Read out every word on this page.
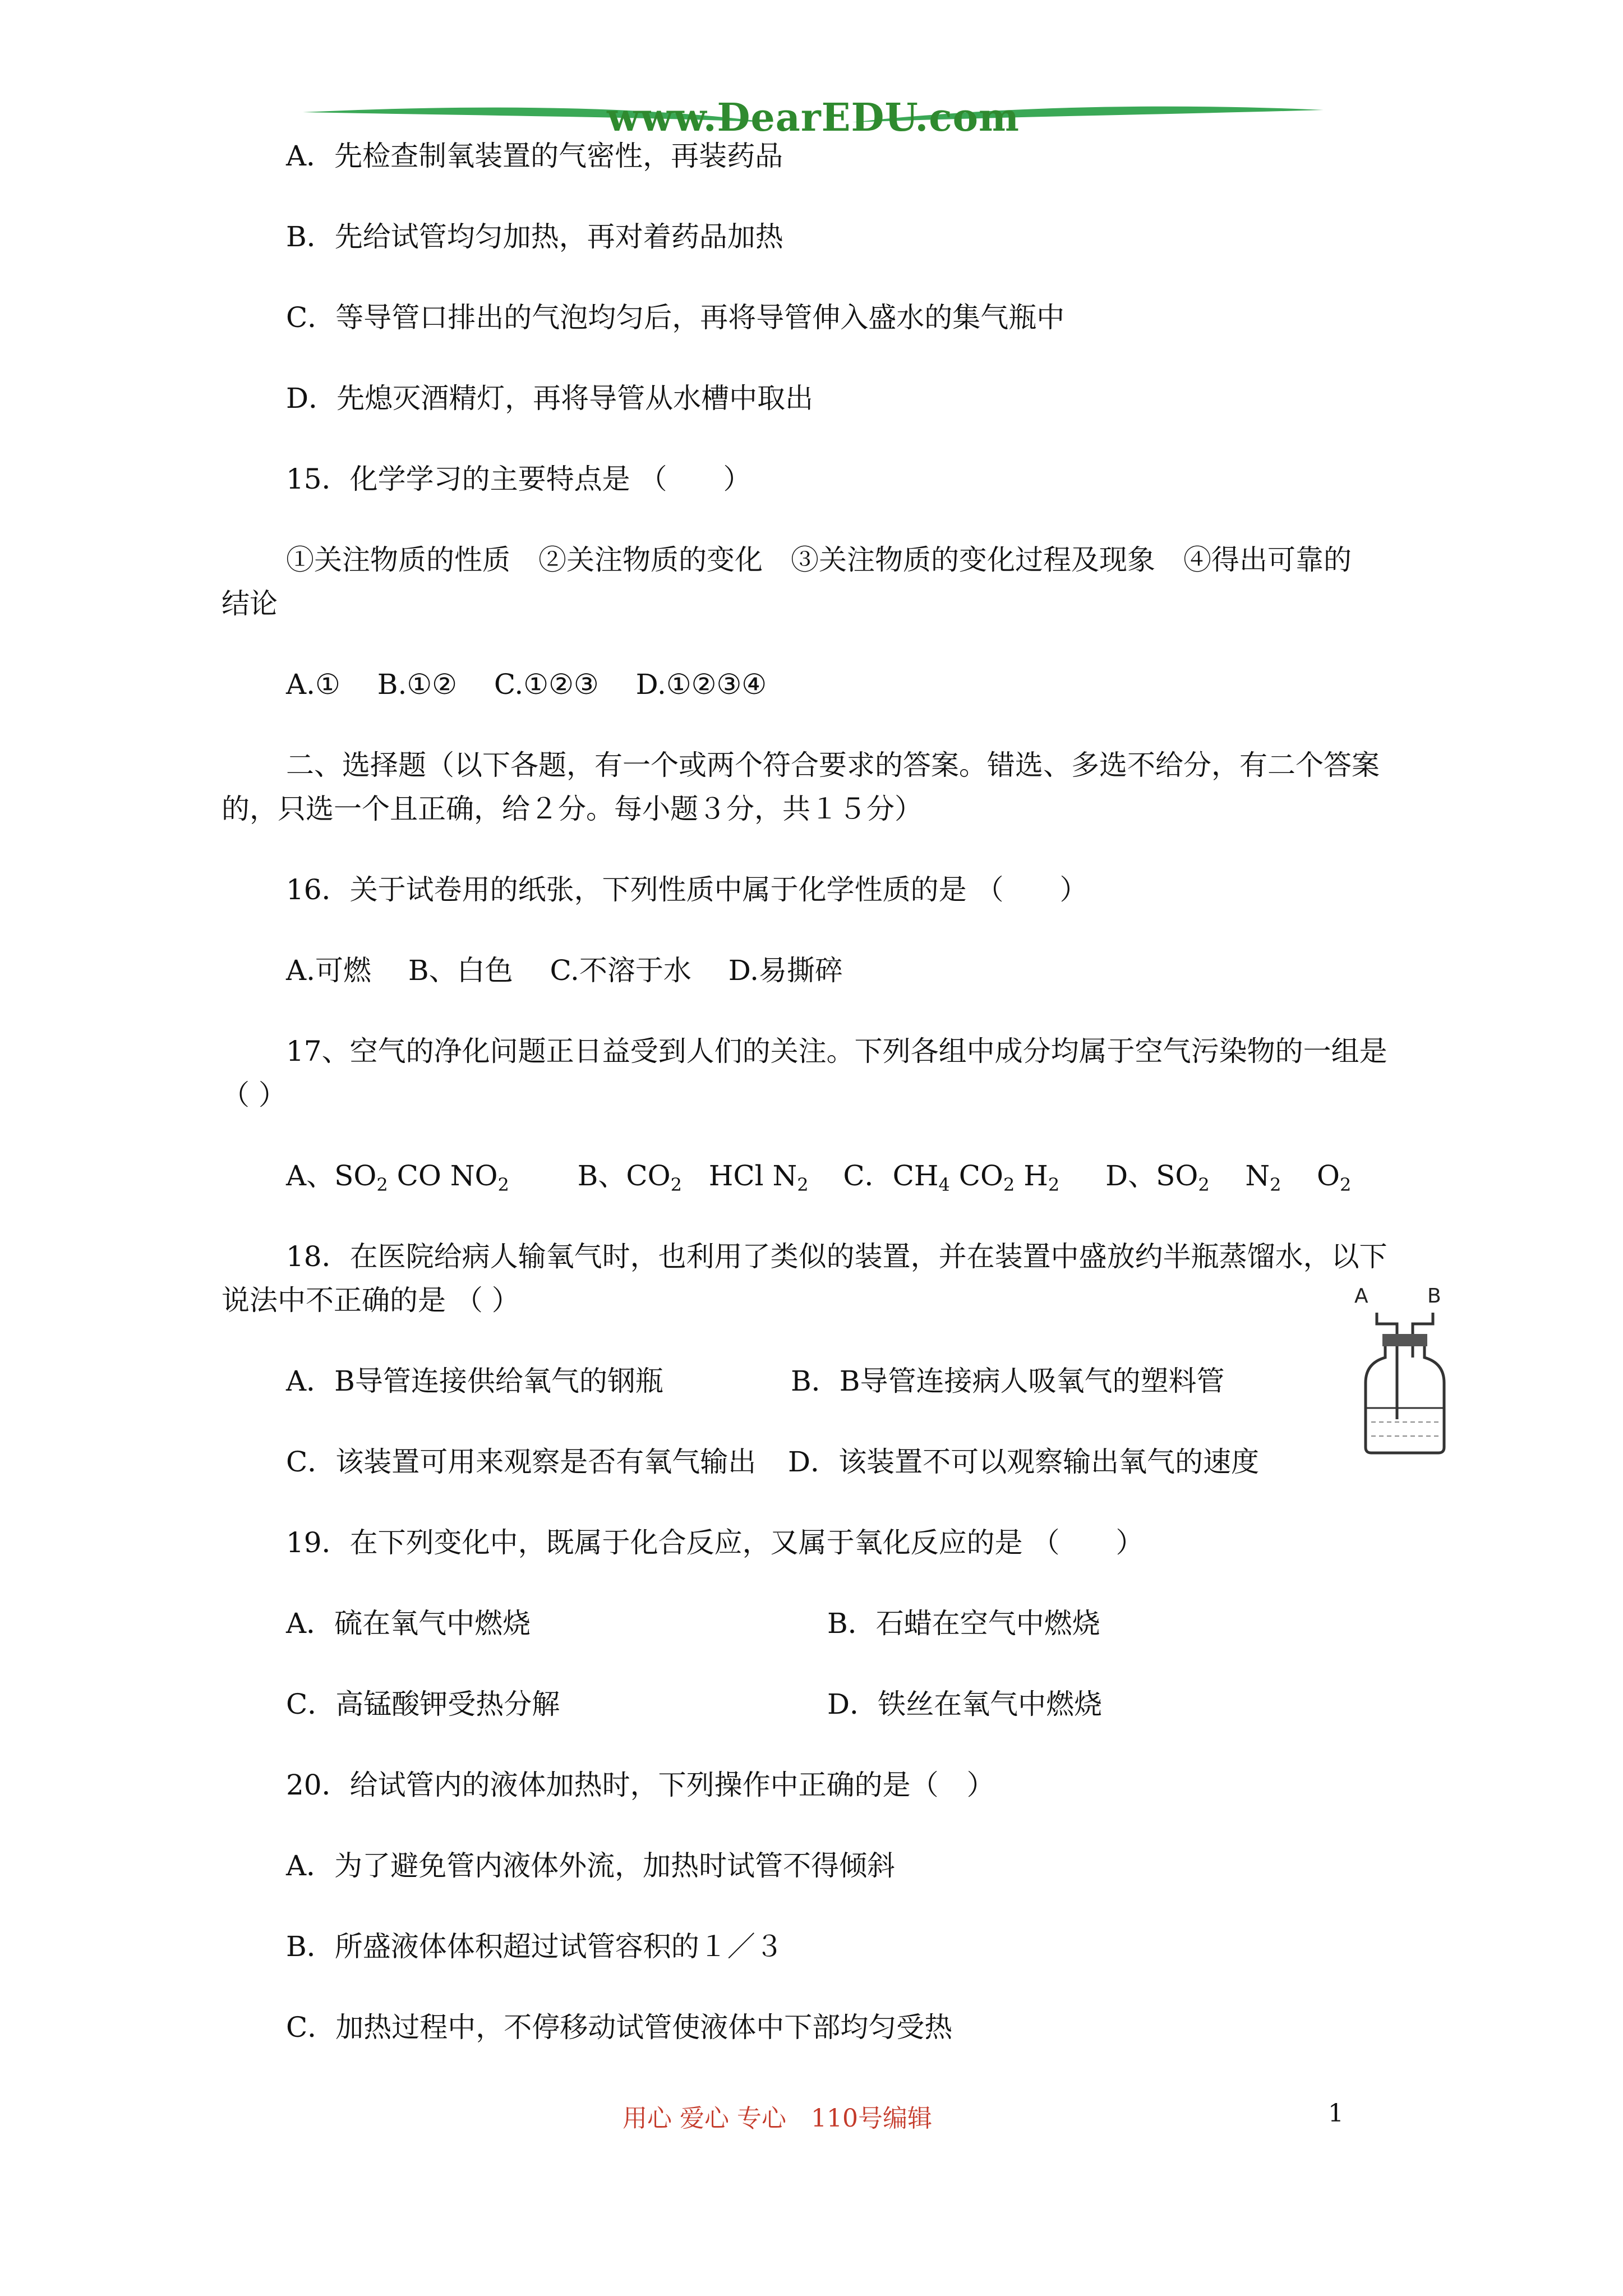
www.DearEDU.com
A．先检查制氧装置的气密性，再装药品
B．先给试管均匀加热，再对着药品加热
C．等导管口排出的气泡均匀后，再将导管伸入盛水的集气瓶中
D．先熄灭酒精灯，再将导管从水槽中取出
15．化学学习的主要特点是 （　　）
①关注物质的性质　②关注物质的变化　③关注物质的变化过程及现象　④得出可靠的
结论
A.①　 B.①②　 C.①②③　 D.①②③④
二、选择题（以下各题，有一个或两个符合要求的答案。错选、多选不给分，有二个答案
的，只选一个且正确，给２分。每小题３分，共１５分）
16．关于试卷用的纸张，下列性质中属于化学性质的是 （　　）
A.可燃　 B、白色　 C.不溶于水　 D.易撕碎
17、空气的净化问题正日益受到人们的关注。下列各组中成分均属于空气污染物的一组是
（ ）
A、$SO_2$ CO $NO_2$ B、$CO_2$ HCl $N_2$ C．$CH_4$ $CO_2$ $H_2$ D、$SO_2$ $N_2$ $O_2$
18．在医院给病人输氧气时，也利用了类似的装置，并在装置中盛放约半瓶蒸馏水，以下
说法中不正确的是 （ ）
A．B导管连接供给氧气的钢瓶	B．B导管连接病人吸氧气的塑料管
C．该装置可用来观察是否有氧气输出 D．该装置不可以观察输出氧气的速度
A	B
19．在下列变化中，既属于化合反应，又属于氧化反应的是 （　　）
A．硫在氧气中燃烧	B．石蜡在空气中燃烧
C．高锰酸钾受热分解	D．铁丝在氧气中燃烧
20．给试管内的液体加热时，下列操作中正确的是（　）
A．为了避免管内液体外流，加热时试管不得倾斜
B．所盛液体体积超过试管容积的１／３
C．加热过程中，不停移动试管使液体中下部均匀受热
用心 爱心 专心　110号编辑	1
